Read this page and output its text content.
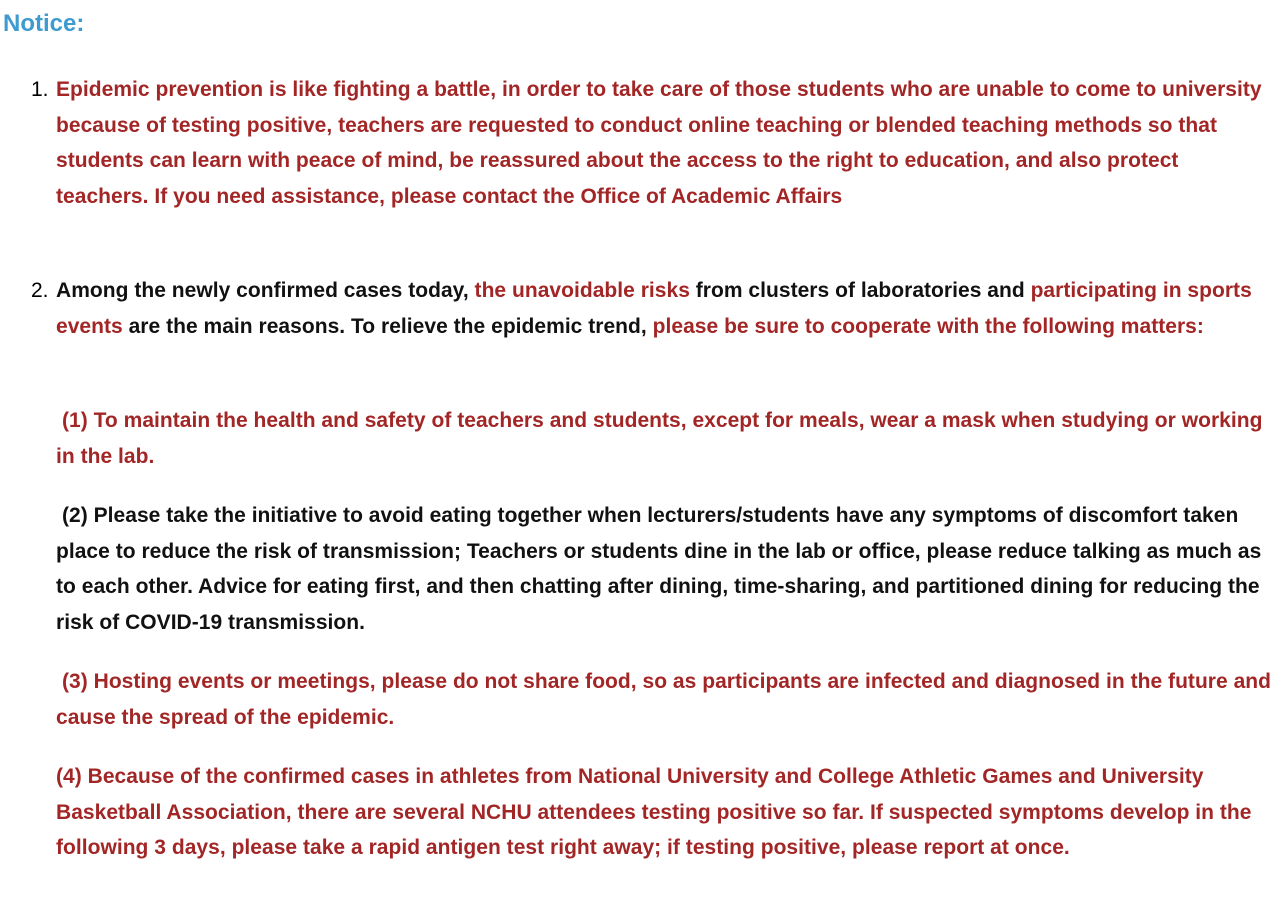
Notice:
1. Epidemic prevention is like fighting a battle, in order to take care of those students who are unable to come to university because of testing positive, teachers are requested to conduct online teaching or blended teaching methods so that students can learn with peace of mind, be reassured about the access to the right to education, and also protect teachers. If you need assistance, please contact the Office of Academic Affairs

2. Among the newly confirmed cases today, the unavoidable risks from clusters of laboratories and participating in sports events are the main reasons. To relieve the epidemic trend, please be sure to cooperate with the following matters:

(1) To maintain the health and safety of teachers and students, except for meals, wear a mask when studying or working in the lab.

(2) Please take the initiative to avoid eating together when lecturers/students have any symptoms of discomfort taken place to reduce the risk of transmission; Teachers or students dine in the lab or office, please reduce talking as much as to each other. Advice for eating first, and then chatting after dining, time-sharing, and partitioned dining for reducing the risk of COVID-19 transmission.

(3) Hosting events or meetings, please do not share food, so as participants are infected and diagnosed in the future and cause the spread of the epidemic.

(4) Because of the confirmed cases in athletes from National University and College Athletic Games and University Basketball Association, there are several NCHU attendees testing positive so far. If suspected symptoms develop in the following 3 days, please take a rapid antigen test right away; if testing positive, please report at once.
